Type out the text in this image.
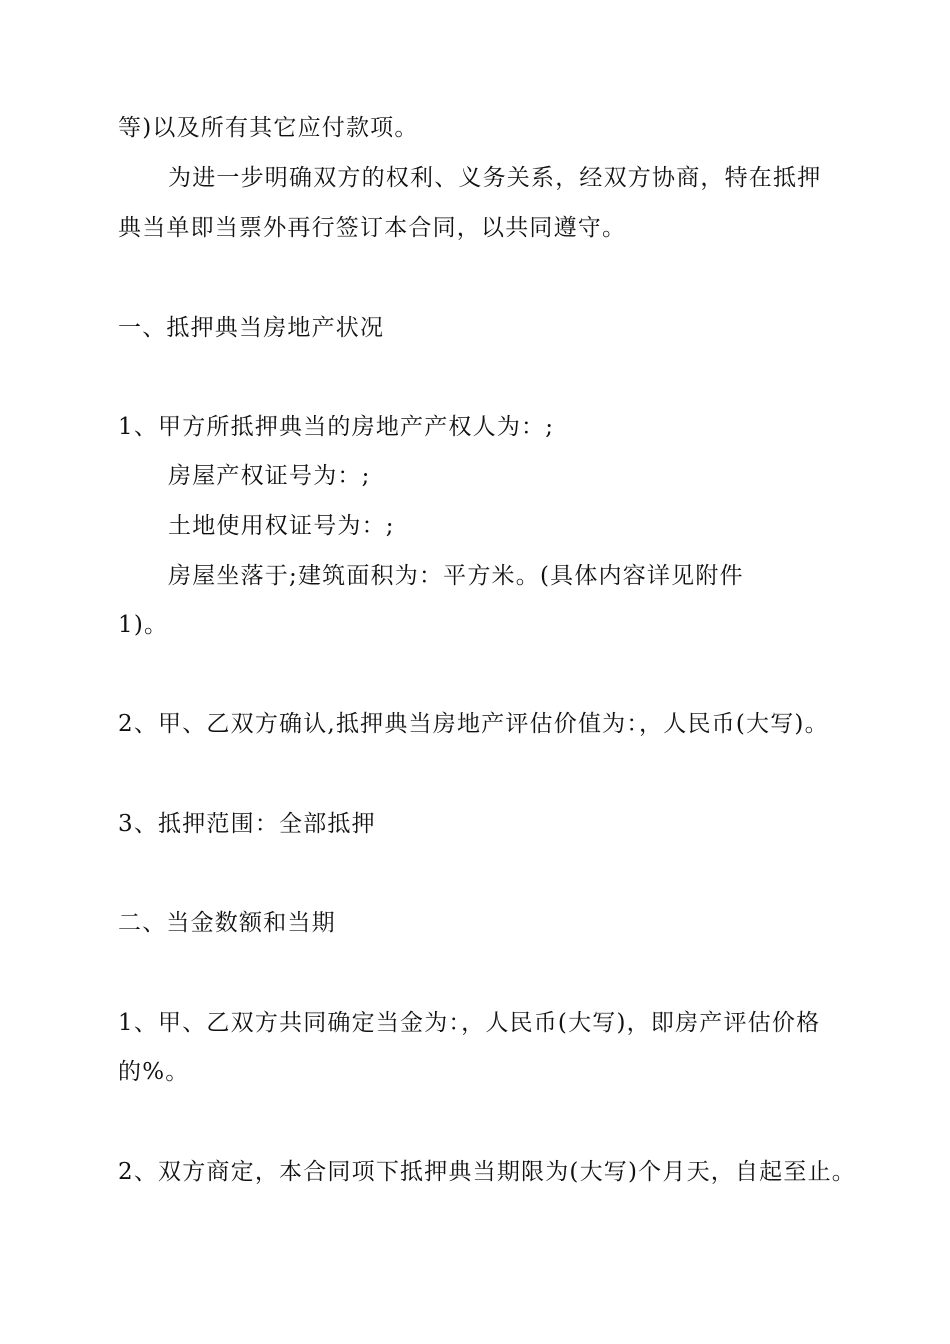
等)以及所有其它应付款项。
为进一步明确双方的权利、义务关系，经双方协商，特在抵押
典当单即当票外再行签订本合同，以共同遵守。
一、抵押典当房地产状况
1、甲方所抵押典当的房地产产权人为：;
房屋产权证号为：;
土地使用权证号为：;
房屋坐落于;建筑面积为：平方米。(具体内容详见附件
1)。
2、甲、乙双方确认,抵押典当房地产评估价值为：，人民币(大写)。
3、抵押范围：全部抵押
二、当金数额和当期
1、甲、乙双方共同确定当金为：，人民币(大写)，即房产评估价格
的%。
2、双方商定，本合同项下抵押典当期限为(大写)个月天，自起至止。
